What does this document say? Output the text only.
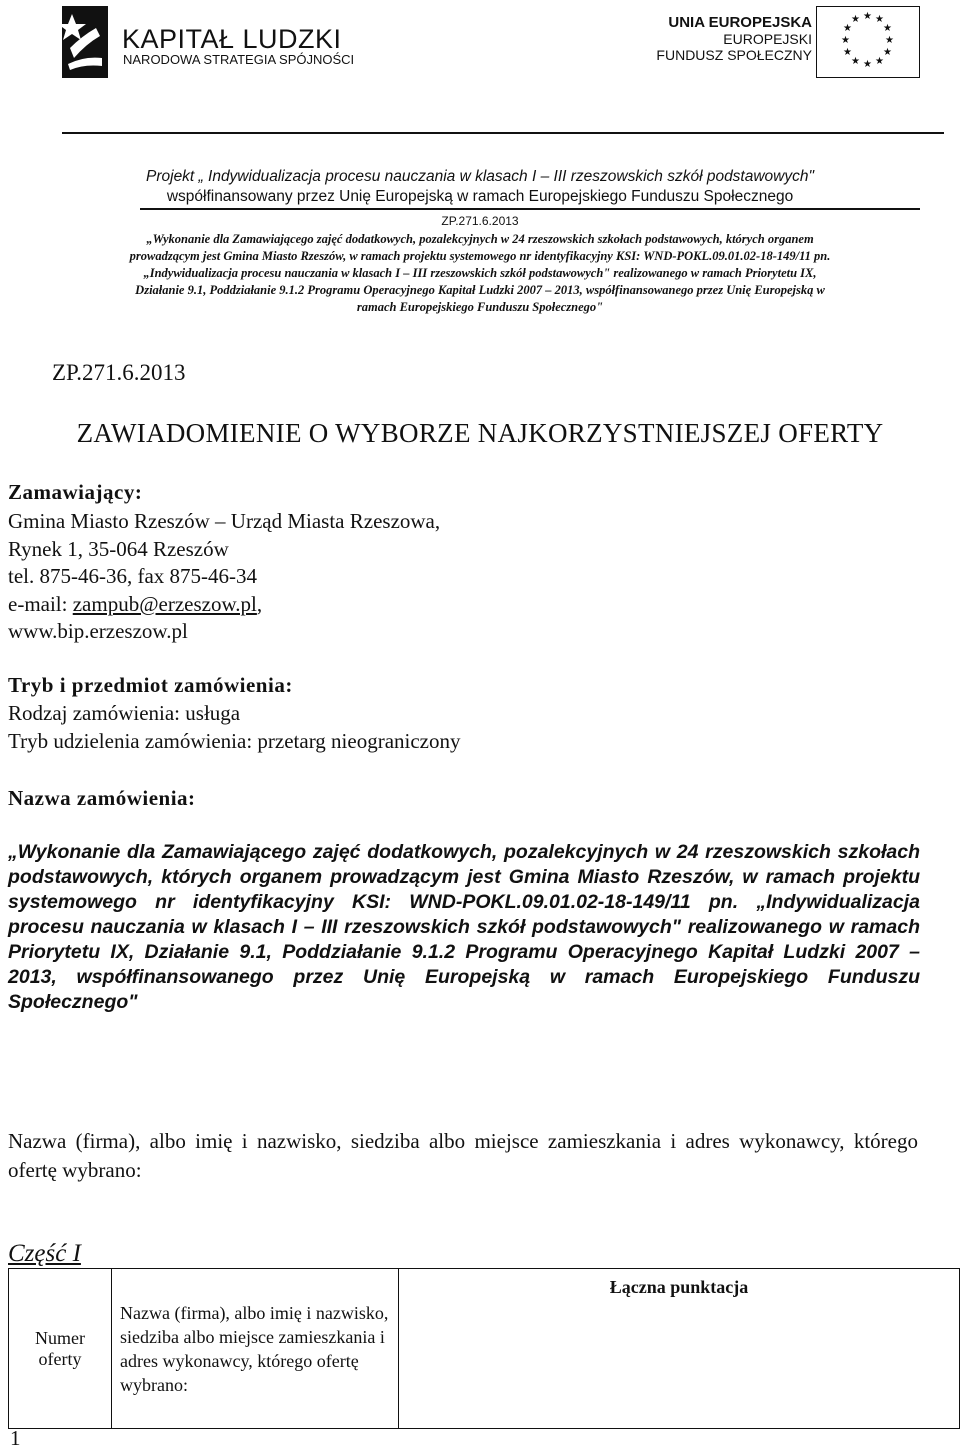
KAPITAŁ LUDZKI
NARODOWA STRATEGIA SPÓJNOŚCI
UNIA EUROPEJSKA
EUROPEJSKI
FUNDUSZ SPOŁECZNY
★ ★
★
★
★
★
★
★
★
★
★ ★
Projekt „ Indywidualizacja procesu nauczania w klasach I – III rzeszowskich szkół podstawowych"
współfinansowany przez Unię Europejską w ramach Europejskiego Funduszu Społecznego
ZP.271.6.2013
„Wykonanie dla Zamawiającego zajęć dodatkowych, pozalekcyjnych w 24 rzeszowskich szkołach podstawowych, których organem
prowadzącym jest Gmina Miasto Rzeszów, w ramach projektu systemowego nr identyfikacyjny KSI: WND-POKL.09.01.02-18-149/11 pn.
„Indywidualizacja procesu nauczania w klasach I – III rzeszowskich szkół podstawowych" realizowanego w ramach Priorytetu IX,
Działanie 9.1, Poddziałanie 9.1.2 Programu Operacyjnego Kapitał Ludzki 2007 – 2013, współfinansowanego przez Unię Europejską w
ramach Europejskiego Funduszu Społecznego"
ZP.271.6.2013
ZAWIADOMIENIE O WYBORZE NAJKORZYSTNIEJSZEJ OFERTY
Zamawiający:
Gmina Miasto Rzeszów – Urząd Miasta Rzeszowa,
Rynek 1, 35-064 Rzeszów
tel. 875-46-36, fax 875-46-34
e-mail: zampub@erzeszow.pl,
www.bip.erzeszow.pl
Tryb i przedmiot zamówienia:
Rodzaj zamówienia: usługa
Tryb udzielenia zamówienia: przetarg nieograniczony
Nazwa zamówienia:
„Wykonanie dla Zamawiającego zajęć dodatkowych, pozalekcyjnych w 24 rzeszowskich szkołach podstawowych, których organem prowadzącym jest Gmina Miasto Rzeszów, w ramach projektu systemowego nr identyfikacyjny KSI: WND-POKL.09.01.02-18-149/11 pn. „Indywidualizacja procesu nauczania w klasach I – III rzeszowskich szkół podstawowych" realizowanego w ramach Priorytetu IX, Działanie 9.1, Poddziałanie 9.1.2 Programu Operacyjnego Kapitał Ludzki 2007 – 2013, współfinansowanego przez Unię Europejską w ramach Europejskiego Funduszu Społecznego"
Nazwa (firma), albo imię i nazwisko, siedziba albo miejsce zamieszkania i adres wykonawcy, którego ofertę wybrano:
Część I
Numer oferty	Nazwa (firma), albo imię i nazwisko, siedziba albo miejsce zamieszkania i adres wykonawcy, którego ofertę wybrano:	Łączna punktacja
1
